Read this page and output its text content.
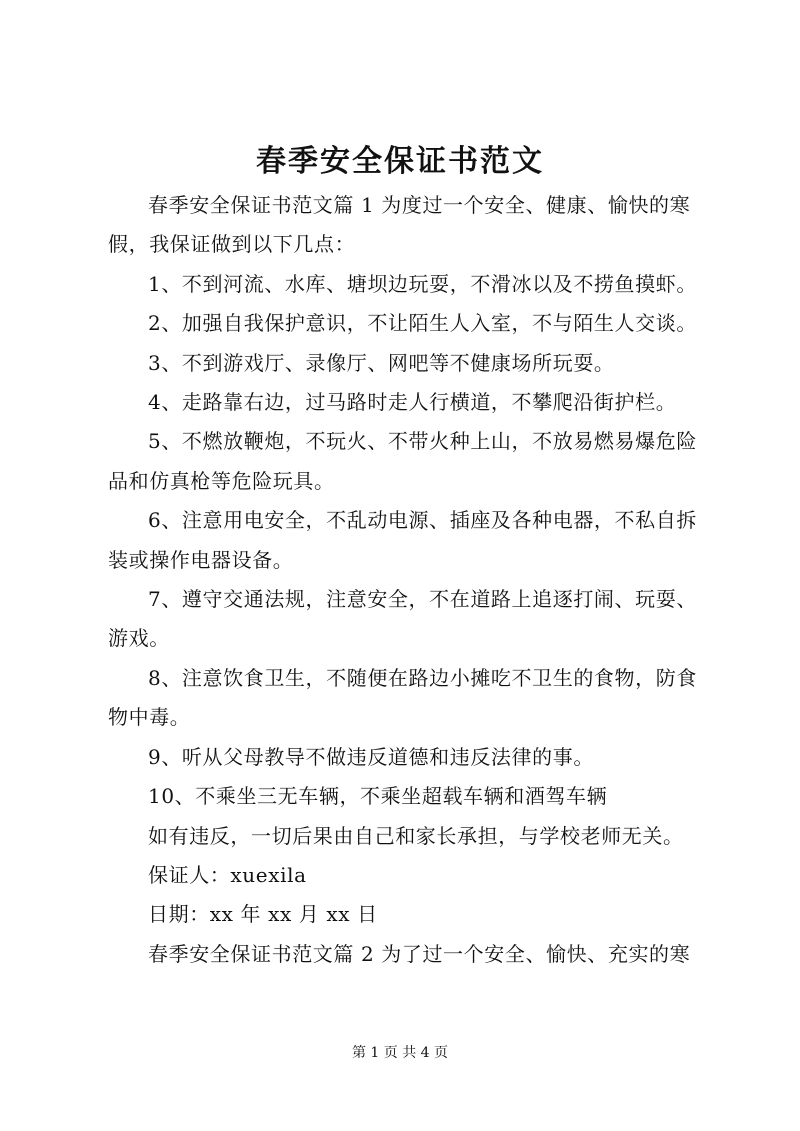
春季安全保证书范文

春季安全保证书范文篇 1 为度过一个安全、健康、愉快的寒假，我保证做到以下几点：

1、不到河流、水库、塘坝边玩耍，不滑冰以及不捞鱼摸虾。

2、加强自我保护意识，不让陌生人入室，不与陌生人交谈。

3、不到游戏厅、录像厅、网吧等不健康场所玩耍。

4、走路靠右边，过马路时走人行横道，不攀爬沿街护栏。

5、不燃放鞭炮，不玩火、不带火种上山，不放易燃易爆危险品和仿真枪等危险玩具。

6、注意用电安全，不乱动电源、插座及各种电器，不私自拆装或操作电器设备。

7、遵守交通法规，注意安全，不在道路上追逐打闹、玩耍、游戏。

8、注意饮食卫生，不随便在路边小摊吃不卫生的食物，防食物中毒。

9、听从父母教导不做违反道德和违反法律的事。

10、不乘坐三无车辆，不乘坐超载车辆和酒驾车辆

如有违反，一切后果由自己和家长承担，与学校老师无关。

保证人：xuexila

日期：xx 年 xx 月 xx 日

春季安全保证书范文篇 2 为了过一个安全、愉快、充实的寒

第 1 页 共 4 页
